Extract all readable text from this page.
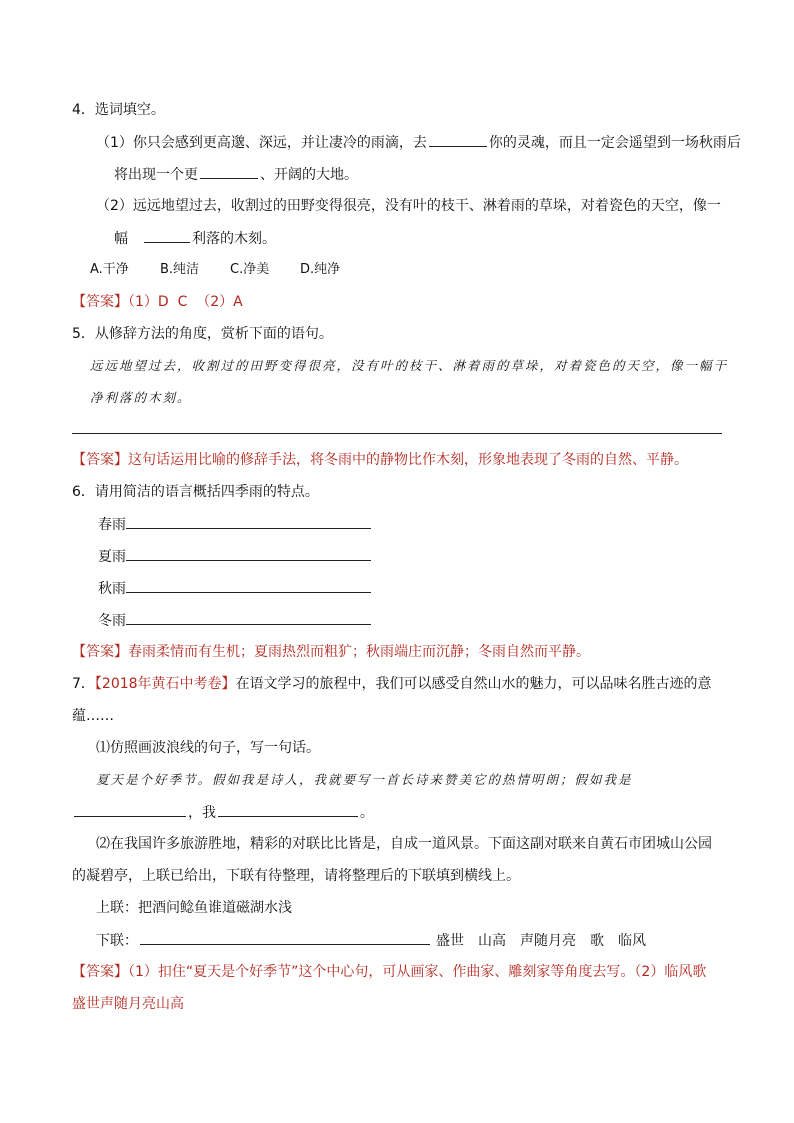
4．选词填空。
（1）你只会感到更高邈、深远，并让凄冷的雨滴，去	你的灵魂，而且一定会遥望到一场秋雨后
将出现一个更	、开阔的大地。
（2）远远地望过去，收割过的田野变得很亮，没有叶的枝干、淋着雨的草垛，对着瓷色的天空，像一
幅	利落的木刻。
A.干净 B.纯洁 C.净美 D.纯净
【答案】（1）D  C  （2）A
5．从修辞方法的角度，赏析下面的语句。
远远地望过去，收割过的田野变得很亮，没有叶的枝干、淋着雨的草垛，对着瓷色的天空，像一幅干
净利落的木刻。
【答案】这句话运用比喻的修辞手法，将冬雨中的静物比作木刻，形象地表现了冬雨的自然、平静。
6．请用简洁的语言概括四季雨的特点。
春雨
夏雨
秋雨
冬雨
【答案】春雨柔情而有生机；夏雨热烈而粗犷；秋雨端庄而沉静；冬雨自然而平静。
7．【2018年黄石中考卷】在语文学习的旅程中，我们可以感受自然山水的魅力，可以品味名胜古迹的意
蕴……
⑴仿照画波浪线的句子，写一句话。
夏天是个好季节。假如我是诗人，我就要写一首长诗来赞美它的热情明朗；假如我是
，我	。
⑵在我国许多旅游胜地，精彩的对联比比皆是，自成一道风景。下面这副对联来自黄石市团城山公园
的凝碧亭，上联已给出，下联有待整理，请将整理后的下联填到横线上。
上联：把酒问鲶鱼谁道磁湖水浅
下联：	盛世 山高 声随月亮 歌 临风
【答案】（1）扣住“夏天是个好季节”这个中心句，可从画家、作曲家、雕刻家等角度去写。（2）临风歌
盛世声随月亮山高
